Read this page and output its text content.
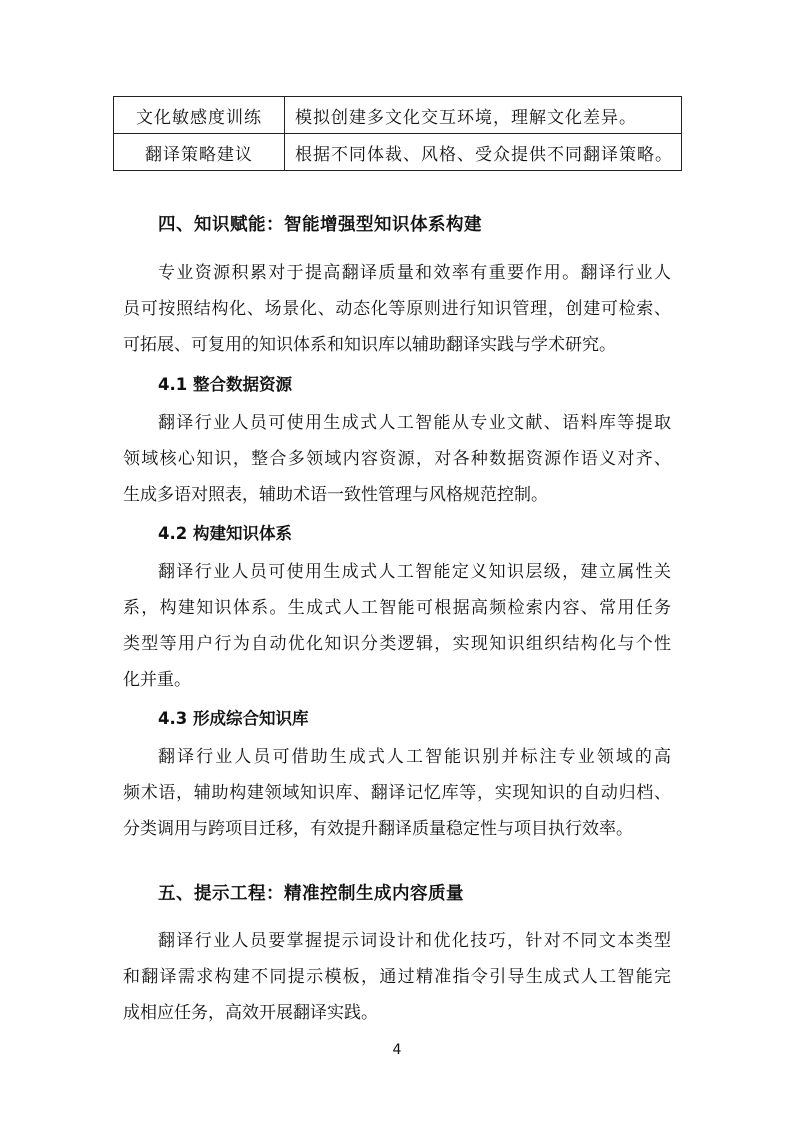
文化敏感度训练	模拟创建多文化交互环境，理解文化差异。
翻译策略建议	根据不同体裁、风格、受众提供不同翻译策略。
四、知识赋能：智能增强型知识体系构建
专业资源积累对于提高翻译质量和效率有重要作用。翻译行业人
员可按照结构化、场景化、动态化等原则进行知识管理，创建可检索、
可拓展、可复用的知识体系和知识库以辅助翻译实践与学术研究。
4.1 整合数据资源
翻译行业人员可使用生成式人工智能从专业文献、语料库等提取
领域核心知识，整合多领域内容资源，对各种数据资源作语义对齐、
生成多语对照表，辅助术语一致性管理与风格规范控制。
4.2 构建知识体系
翻译行业人员可使用生成式人工智能定义知识层级，建立属性关
系，构建知识体系。生成式人工智能可根据高频检索内容、常用任务
类型等用户行为自动优化知识分类逻辑，实现知识组织结构化与个性
化并重。
4.3 形成综合知识库
翻译行业人员可借助生成式人工智能识别并标注专业领域的高
频术语，辅助构建领域知识库、翻译记忆库等，实现知识的自动归档、
分类调用与跨项目迁移，有效提升翻译质量稳定性与项目执行效率。
五、提示工程：精准控制生成内容质量
翻译行业人员要掌握提示词设计和优化技巧，针对不同文本类型
和翻译需求构建不同提示模板，通过精准指令引导生成式人工智能完
成相应任务，高效开展翻译实践。
4
